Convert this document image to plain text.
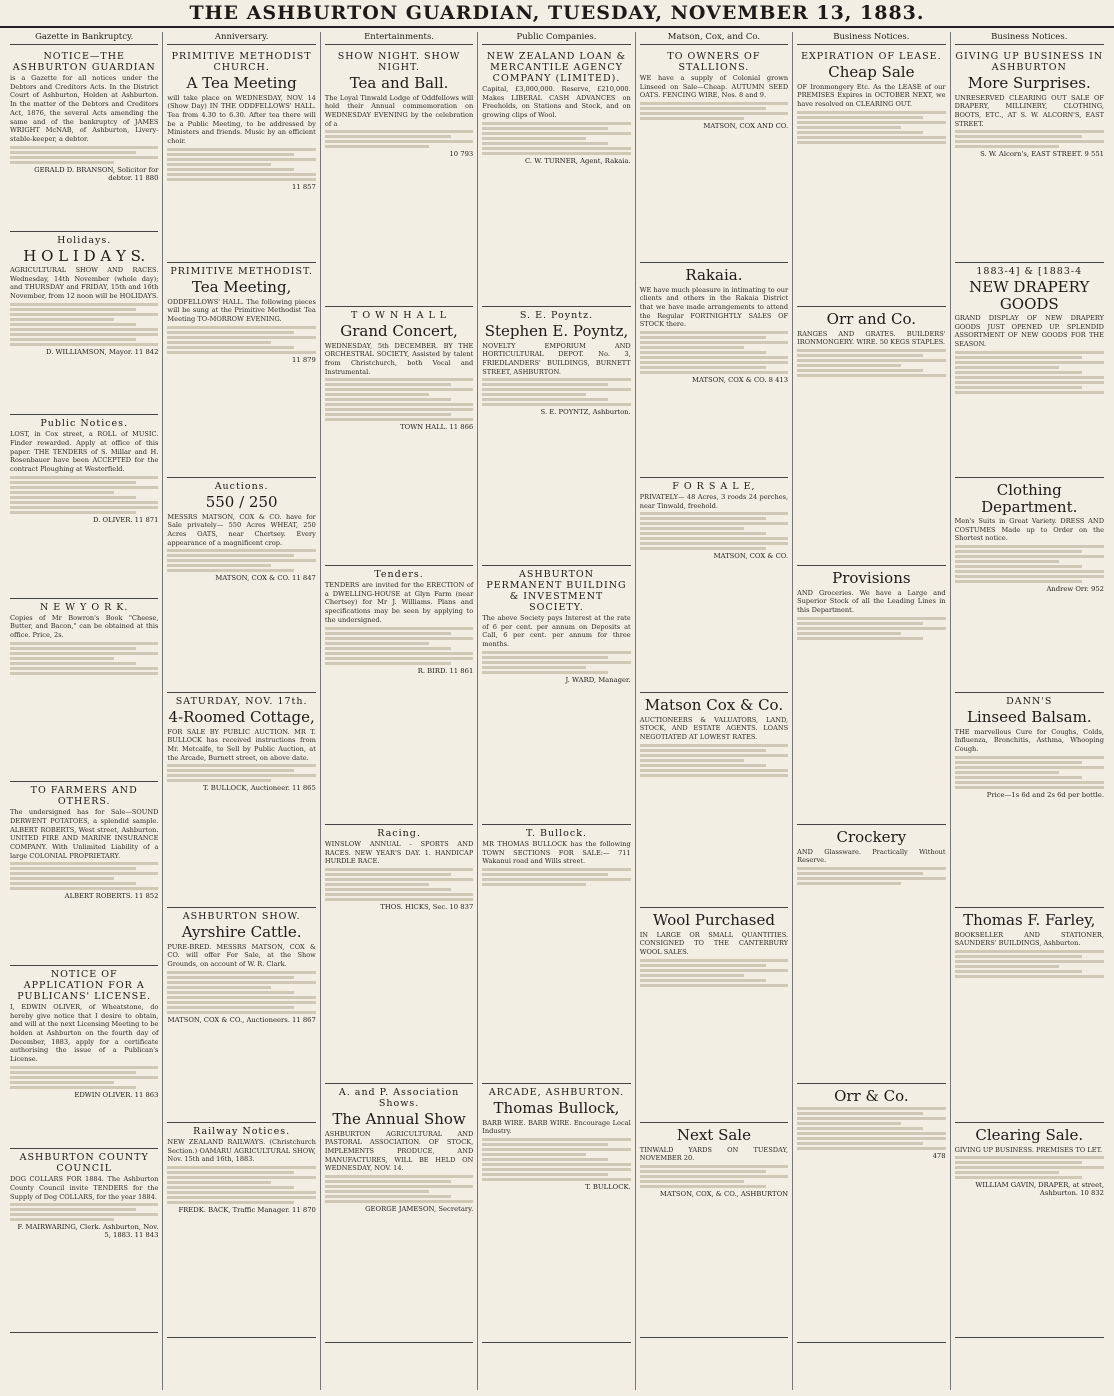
THE ASHBURTON GUARDIAN, TUESDAY, NOVEMBER 13, 1883.
Gazette in Bankruptcy.
NOTICE—THE ASHBURTON GUARDIAN
is a Gazette for all notices under the Debtors and Creditors Acts. In the District Court of Ashburton, Holden at Ashburton. In the matter of the Debtors and Creditors Act, 1876, the several Acts amending the same and of the bankruptcy of JAMES WRIGHT McNAB, of Ashburton, Livery-stable-keeper, a debtor.
GERALD D. BRANSON, Solicitor for debtor. 11 880
Holidays.
H O L I D A Y S.
AGRICULTURAL SHOW AND RACES. Wednesday, 14th November (whole day); and THURSDAY and FRIDAY, 15th and 16th November, from 12 noon will be HOLIDAYS.
D. WILLIAMSON, Mayor. 11 842
Public Notices.
LOST, in Cox street, a ROLL of MUSIC. Finder rewarded. Apply at office of this paper. THE TENDERS of S. Millar and H. Rosenbauer have been ACCEPTED for the contract Ploughing at Westerfield.
D. OLIVER. 11 871
N E W Y O R K.
Copies of Mr Bowron's Book "Cheese, Butter, and Bacon," can be obtained at this office. Price, 2s.
TO FARMERS AND OTHERS.
The undersigned has for Sale—SOUND DERWENT POTATOES, a splendid sample. ALBERT ROBERTS, West street, Ashburton. UNITED FIRE AND MARINE INSURANCE COMPANY. With Unlimited Liability of a large COLONIAL PROPRIETARY.
ALBERT ROBERTS. 11 852
NOTICE OF APPLICATION FOR A PUBLICANS' LICENSE.
I, EDWIN OLIVER, of Wheatstone, do hereby give notice that I desire to obtain, and will at the next Licensing Meeting to be holden at Ashburton on the fourth day of December, 1883, apply for a certificate authorising the issue of a Publican's License.
EDWIN OLIVER. 11 863
ASHBURTON COUNTY COUNCIL
DOG COLLARS FOR 1884. The Ashburton County Council invite TENDERS for the Supply of Dog COLLARS, for the year 1884.
F. MAIRWARING, Clerk. Ashburton, Nov. 5, 1883. 11 843
Anniversary.
PRIMITIVE METHODIST CHURCH.
A Tea Meeting
will take place on WEDNESDAY, NOV. 14 (Show Day) IN THE ODDFELLOWS' HALL. Tea from 4.30 to 6.30. After tea there will be a Public Meeting, to be addressed by Ministers and friends. Music by an efficient choir.
11 857
PRIMITIVE METHODIST.
Tea Meeting,
ODDFELLOWS' HALL. The following pieces will be sung at the Primitive Methodist Tea Meeting TO-MORROW EVENING.
11 879
Auctions.
550 / 250
MESSRS MATSON, COX & CO. have for Sale privately— 550 Acres WHEAT, 250 Acres OATS, near Chertsey. Every appearance of a magnificent crop.
MATSON, COX & CO. 11 847
SATURDAY, NOV. 17th.
4-Roomed Cottage,
FOR SALE BY PUBLIC AUCTION. MR T. BULLOCK has received instructions from Mr. Metcalfe, to Sell by Public Auction, at the Arcade, Burnett street, on above date.
T. BULLOCK, Auctioneer. 11 865
ASHBURTON SHOW.
Ayrshire Cattle.
PURE-BRED. MESSRS MATSON, COX & CO. will offer For Sale, at the Show Grounds, on account of W. R. Clark.
MATSON, COX & CO., Auctioneers. 11 867
Railway Notices.
NEW ZEALAND RAILWAYS. (Christchurch Section.) OAMARU AGRICULTURAL SHOW, Nov. 15th and 16th, 1883.
FREDK. BACK, Traffic Manager. 11 870
Entertainments.
SHOW NIGHT. SHOW NIGHT.
Tea and Ball.
The Loyal Tinwald Lodge of Oddfellows will hold their Annual commemoration on WEDNESDAY EVENING by the celebration of a
10 793
T O W N H A L L
Grand Concert,
WEDNESDAY, 5th DECEMBER. BY THE ORCHESTRAL SOCIETY, Assisted by talent from Christchurch, both Vocal and Instrumental.
TOWN HALL. 11 866
Tenders.
TENDERS are invited for the ERECTION of a DWELLING-HOUSE at Glyn Farm (near Chertsey) for Mr J. Williams. Plans and specifications may be seen by applying to the undersigned.
R. BIRD. 11 861
Racing.
WINSLOW ANNUAL - SPORTS AND RACES. NEW YEAR'S DAY. 1. HANDICAP HURDLE RACE.
THOS. HICKS, Sec. 10 837
A. and P. Association Shows.
The Annual Show
ASHBURTON AGRICULTURAL AND PASTORAL ASSOCIATION. OF STOCK, IMPLEMENTS PRODUCE, AND MANUFACTURES, WILL BE HELD ON WEDNESDAY, NOV. 14.
GEORGE JAMESON, Secretary.
Public Companies.
NEW ZEALAND LOAN & MERCANTILE AGENCY COMPANY (LIMITED).
Capital, £3,000,000. Reserve, £210,000. Makes LIBERAL CASH ADVANCES on Freeholds, on Stations and Stock, and on growing clips of Wool.
C. W. TURNER, Agent, Rakaia.
S. E. Poyntz.
Stephen E. Poyntz,
NOVELTY EMPORIUM AND HORTICULTURAL DEPOT. No. 3, FRIEDLANDERS' BUILDINGS, BURNETT STREET, ASHBURTON.
S. E. POYNTZ, Ashburton.
ASHBURTON PERMANENT BUILDING & INVESTMENT SOCIETY.
The above Society pays Interest at the rate of 6 per cent. per annum on Deposits at Call, 6 per cent. per annum for three months.
J. WARD, Manager.
T. Bullock.
MR THOMAS BULLOCK has the following TOWN SECTIONS FOR SALE:— 711 Wakanui road and Wills street.
ARCADE, ASHBURTON.
Thomas Bullock,
BARB WIRE. BARB WIRE. Encourage Local Industry.
T. BULLOCK.
Matson, Cox, and Co.
TO OWNERS OF STALLIONS.
WE have a supply of Colonial grown Linseed on Sale—Cheap. AUTUMN SEED OATS. FENCING WIRE, Nos. 8 and 9.
MATSON, COX AND CO.
Rakaia.
WE have much pleasure in intimating to our clients and others in the Rakaia District that we have made arrangements to attend the Regular FORTNIGHTLY SALES OF STOCK there.
MATSON, COX & CO. 8 413
F O R S A L E,
PRIVATELY— 48 Acres, 3 roods 24 perches, near Tinwald, freehold.
MATSON, COX & CO.
Matson Cox & Co.
AUCTIONEERS & VALUATORS, LAND, STOCK, AND ESTATE AGENTS. LOANS NEGOTIATED AT LOWEST RATES.
Wool Purchased
IN LARGE OR SMALL QUANTITIES. CONSIGNED TO THE CANTERBURY WOOL SALES.
Next Sale
TINWALD YARDS ON TUESDAY, NOVEMBER 20.
MATSON, COX, & CO., ASHBURTON
Business Notices.
EXPIRATION OF LEASE.
Cheap Sale
OF Ironmongery Etc. As the LEASE of our PREMISES Expires in OCTOBER NEXT, we have resolved on CLEARING OUT.
Orr and Co.
RANGES AND GRATES. BUILDERS' IRONMONGERY. WIRE. 50 KEGS STAPLES.
Provisions
AND Groceries. We have a Large and Superior Stock of all the Leading Lines in this Department.
Crockery
AND Glassware. Practically Without Reserve.
Orr & Co.
478
Business Notices.
GIVING UP BUSINESS IN ASHBURTON
More Surprises.
UNRESERVED CLEARING OUT SALE OF DRAPERY, MILLINERY, CLOTHING, BOOTS, ETC., AT S. W. ALCORN'S, EAST STREET.
S. W. Alcorn's, EAST STREET. 9 551
1883-4] & [1883-4
NEW DRAPERY GOODS
GRAND DISPLAY OF NEW DRAPERY GOODS JUST OPENED UP. SPLENDID ASSORTMENT OF NEW GOODS FOR THE SEASON.
Clothing Department.
Men's Suits in Great Variety. DRESS AND COSTUMES Made up to Order on the Shortest notice.
Andrew Orr. 952
DANN'S
Linseed Balsam.
THE marvellous Cure for Coughs, Colds, Influenza, Bronchitis, Asthma, Whooping Cough.
Price—1s 6d and 2s 6d per bottle.
Thomas F. Farley,
BOOKSELLER AND STATIONER, SAUNDERS' BUILDINGS, Ashburton.
Clearing Sale.
GIVING UP BUSINESS. PREMISES TO LET.
WILLIAM GAVIN, DRAPER, at street, Ashburton. 10 832
